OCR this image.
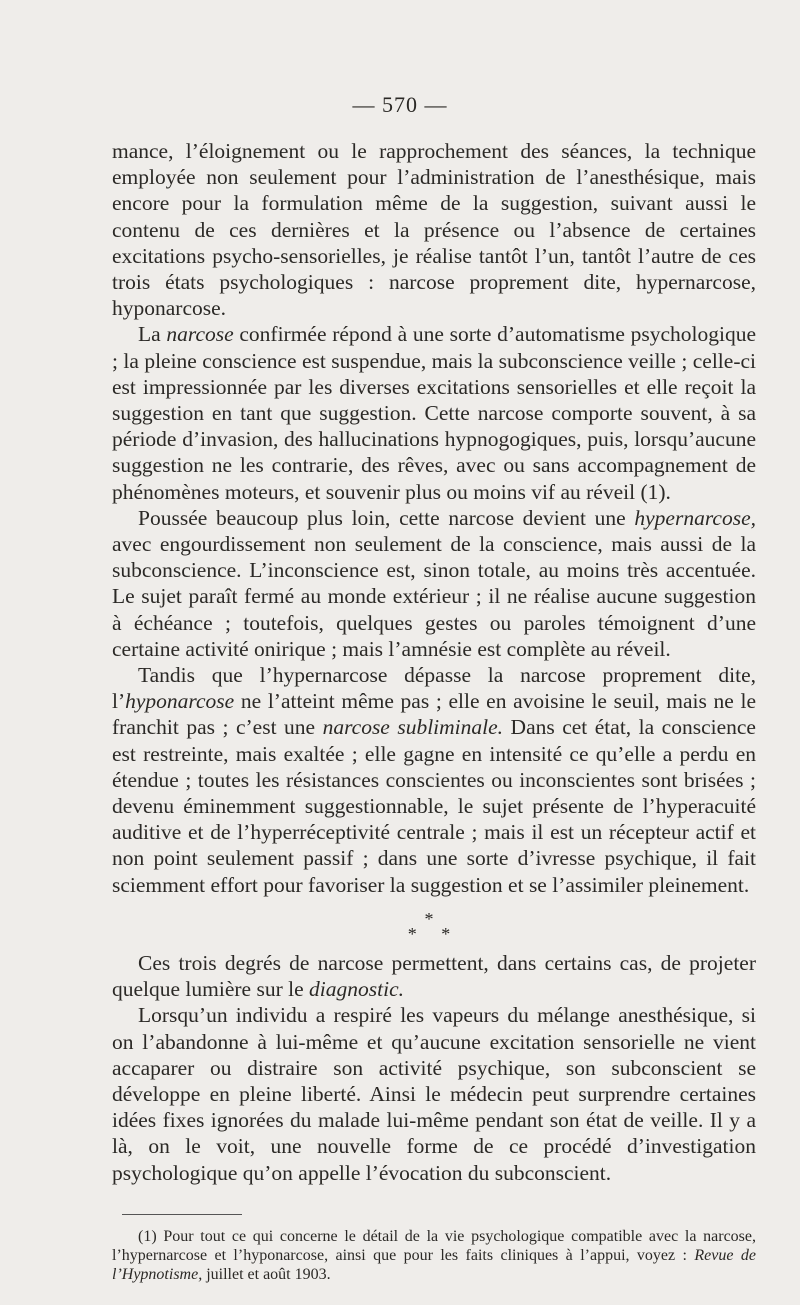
— 570 —

mance, l’éloignement ou le rapprochement des séances, la technique employée non seulement pour l’administration de l’anesthésique, mais encore pour la formulation même de la suggestion, suivant aussi le contenu de ces dernières et la présence ou l’absence de certaines excitations psycho-sensorielles, je réalise tantôt l’un, tantôt l’autre de ces trois états psychologiques : narcose proprement dite, hypernarcose, hyponarcose.

La narcose confirmée répond à une sorte d’automatisme psychologique ; la pleine conscience est suspendue, mais la subconscience veille ; celle-ci est impressionnée par les diverses excitations sensorielles et elle reçoit la suggestion en tant que suggestion. Cette narcose comporte souvent, à sa période d’invasion, des hallucinations hypnogogiques, puis, lorsqu’aucune suggestion ne les contrarie, des rêves, avec ou sans accompagnement de phénomènes moteurs, et souvenir plus ou moins vif au réveil (1).

Poussée beaucoup plus loin, cette narcose devient une hypernarcose, avec engourdissement non seulement de la conscience, mais aussi de la subconscience. L’inconscience est, sinon totale, au moins très accentuée. Le sujet paraît fermé au monde extérieur ; il ne réalise aucune suggestion à échéance ; toutefois, quelques gestes ou paroles témoignent d’une certaine activité onirique ; mais l’amnésie est complète au réveil.

Tandis que l’hypernarcose dépasse la narcose proprement dite, l’hyponarcose ne l’atteint même pas ; elle en avoisine le seuil, mais ne le franchit pas ; c’est une narcose subliminale. Dans cet état, la conscience est restreinte, mais exaltée ; elle gagne en intensité ce qu’elle a perdu en étendue ; toutes les résistances conscientes ou inconscientes sont brisées ; devenu éminemment suggestionnable, le sujet présente de l’hyperacuité auditive et de l’hyperréceptivité centrale ; mais il est un récepteur actif et non point seulement passif ; dans une sorte d’ivresse psychique, il fait sciemment effort pour favoriser la suggestion et se l’assimiler pleinement.

*
* *

Ces trois degrés de narcose permettent, dans certains cas, de projeter quelque lumière sur le diagnostic.

Lorsqu’un individu a respiré les vapeurs du mélange anesthésique, si on l’abandonne à lui-même et qu’aucune excitation sensorielle ne vient accaparer ou distraire son activité psychique, son subconscient se développe en pleine liberté. Ainsi le médecin peut surprendre certaines idées fixes ignorées du malade lui-même pendant son état de veille. Il y a là, on le voit, une nouvelle forme de ce procédé d’investigation psychologique qu’on appelle l’évocation du subconscient.

(1) Pour tout ce qui concerne le détail de la vie psychologique compatible avec la narcose, l’hypernarcose et l’hyponarcose, ainsi que pour les faits cliniques à l’appui, voyez : Revue de l’Hypnotisme, juillet et août 1903.
